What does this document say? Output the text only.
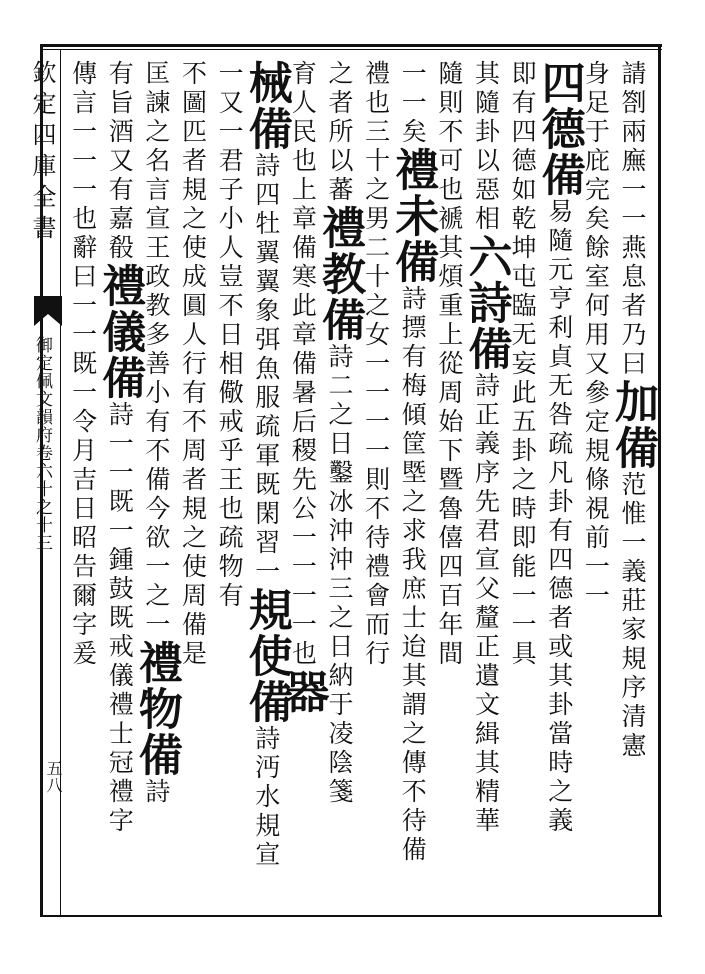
欽定四庫全書
御定佩文韻府卷六十之十三
五八
請劄兩廡一一燕息者乃曰加備范惟一義莊家規序清憲
身足于庇完矣餘室何用又參定規條視前一一
四德備易隨元亨利貞无咎疏凡卦有四德者或其卦當時之義
即有四德如乾坤屯臨无妄此五卦之時即能一一具
其隨卦以惡相六詩備詩正義序先君宣父釐正遺文緝其精華
隨則不可也褫其煩重上從周始下暨魯僖四百年間
一一矣禮未備詩摽有梅傾筐塈之求我庶士迨其謂之傳不待備
禮也三十之男二十之女一一一一則不待禮會而行
之者所以蕃禮教備詩二之日鑿冰沖沖三之日納于凌陰箋
育人民也上章備寒此章備暑后稷先公一一一一也器
械備詩四牡翼翼象弭魚服疏軍既閑習一規使備詩沔水規宣
一又一君子小人豈不日相儆戒乎王也疏物有
不圖匹者規之使成圓人行有不周者規之使周備是
匡諫之名言宣王政教多善小有不備今欲一之一禮物備詩
有旨酒又有嘉殽禮儀備詩一一既一鍾鼓既戒儀禮士冠禮字
傳言一一一也辭曰一一既一令月吉日昭告爾字爰
